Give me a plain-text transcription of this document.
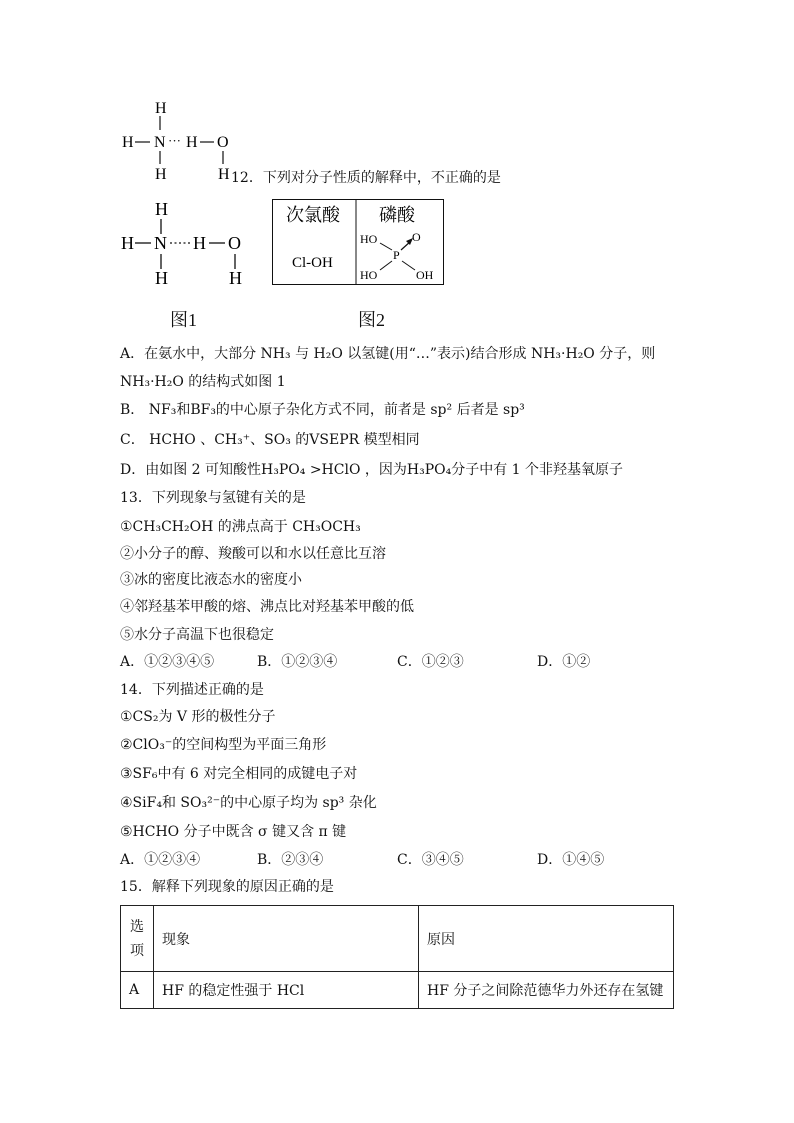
H
H N ··· H O
H	H 12．下列对分子性质的解释中，不正确的是
H
H N H O
H	H
图1
次氯酸
Cl-OH
磷酸
HO	O
P
HO	OH
图2
A．在氨水中，大部分 NH₃ 与 H₂O 以氢键(用“…”表示)结合形成 NH₃·H₂O 分子，则
NH₃·H₂O 的结构式如图 1
B． NF₃和BF₃的中心原子杂化方式不同，前者是 sp² 后者是 sp³
C． HCHO 、CH₃⁺、SO₃ 的VSEPR 模型相同
D．由如图 2 可知酸性H₃PO₄ >HClO ，因为H₃PO₄分子中有 1 个非羟基氧原子
13．下列现象与氢键有关的是
①CH₃CH₂OH 的沸点高于 CH₃OCH₃
②小分子的醇、羧酸可以和水以任意比互溶
③冰的密度比液态水的密度小
④邻羟基苯甲酸的熔、沸点比对羟基苯甲酸的低
⑤水分子高温下也很稳定
A．①②③④⑤	B．①②③④	C．①②③	D．①②
14．下列描述正确的是
①CS₂为 V 形的极性分子
②ClO₃⁻的空间构型为平面三角形
③SF₆中有 6 对完全相同的成键电子对
④SiF₄和 SO₃²⁻的中心原子均为 sp³ 杂化
⑤HCHO 分子中既含 σ 键又含 π 键
A．①②③④	B．②③④	C．③④⑤	D．①④⑤
15．解释下列现象的原因正确的是
选项	现象	原因
A	HF 的稳定性强于 HCl	HF 分子之间除范德华力外还存在氢键
